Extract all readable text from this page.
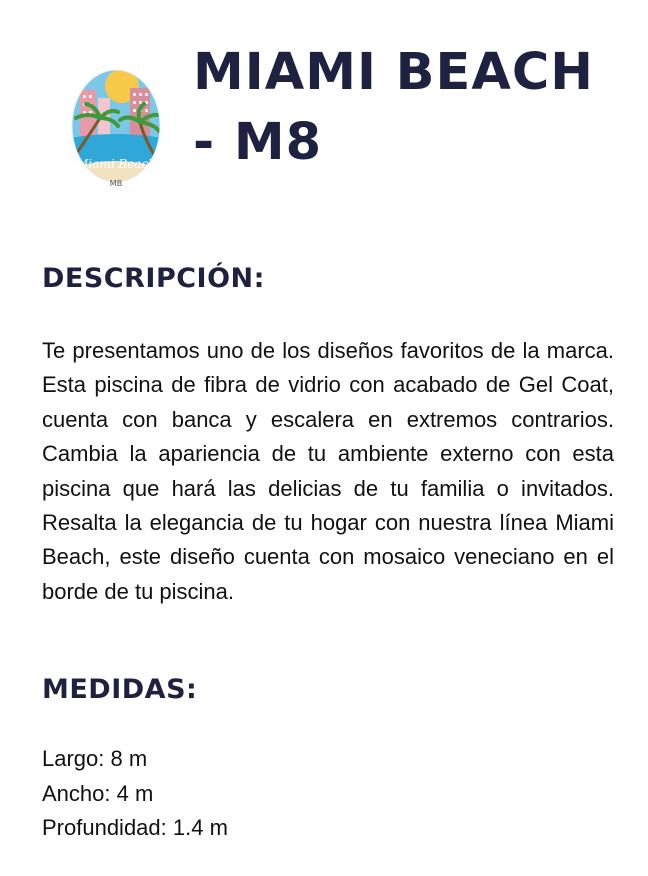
Miami Beach
MB
MIAMI BEACH - M8
DESCRIPCIÓN:

Te presentamos uno de los diseños favoritos de la marca. Esta piscina de fibra de vidrio con acabado de Gel Coat, cuenta con banca y escalera en extremos contrarios. Cambia la apariencia de tu ambiente externo con esta piscina que hará las delicias de tu familia o invitados. Resalta la elegancia de tu hogar con nuestra línea Miami Beach, este diseño cuenta con mosaico veneciano en el borde de tu piscina.

MEDIDAS:
Largo: 8 m
Ancho: 4 m
Profundidad: 1.4 m
